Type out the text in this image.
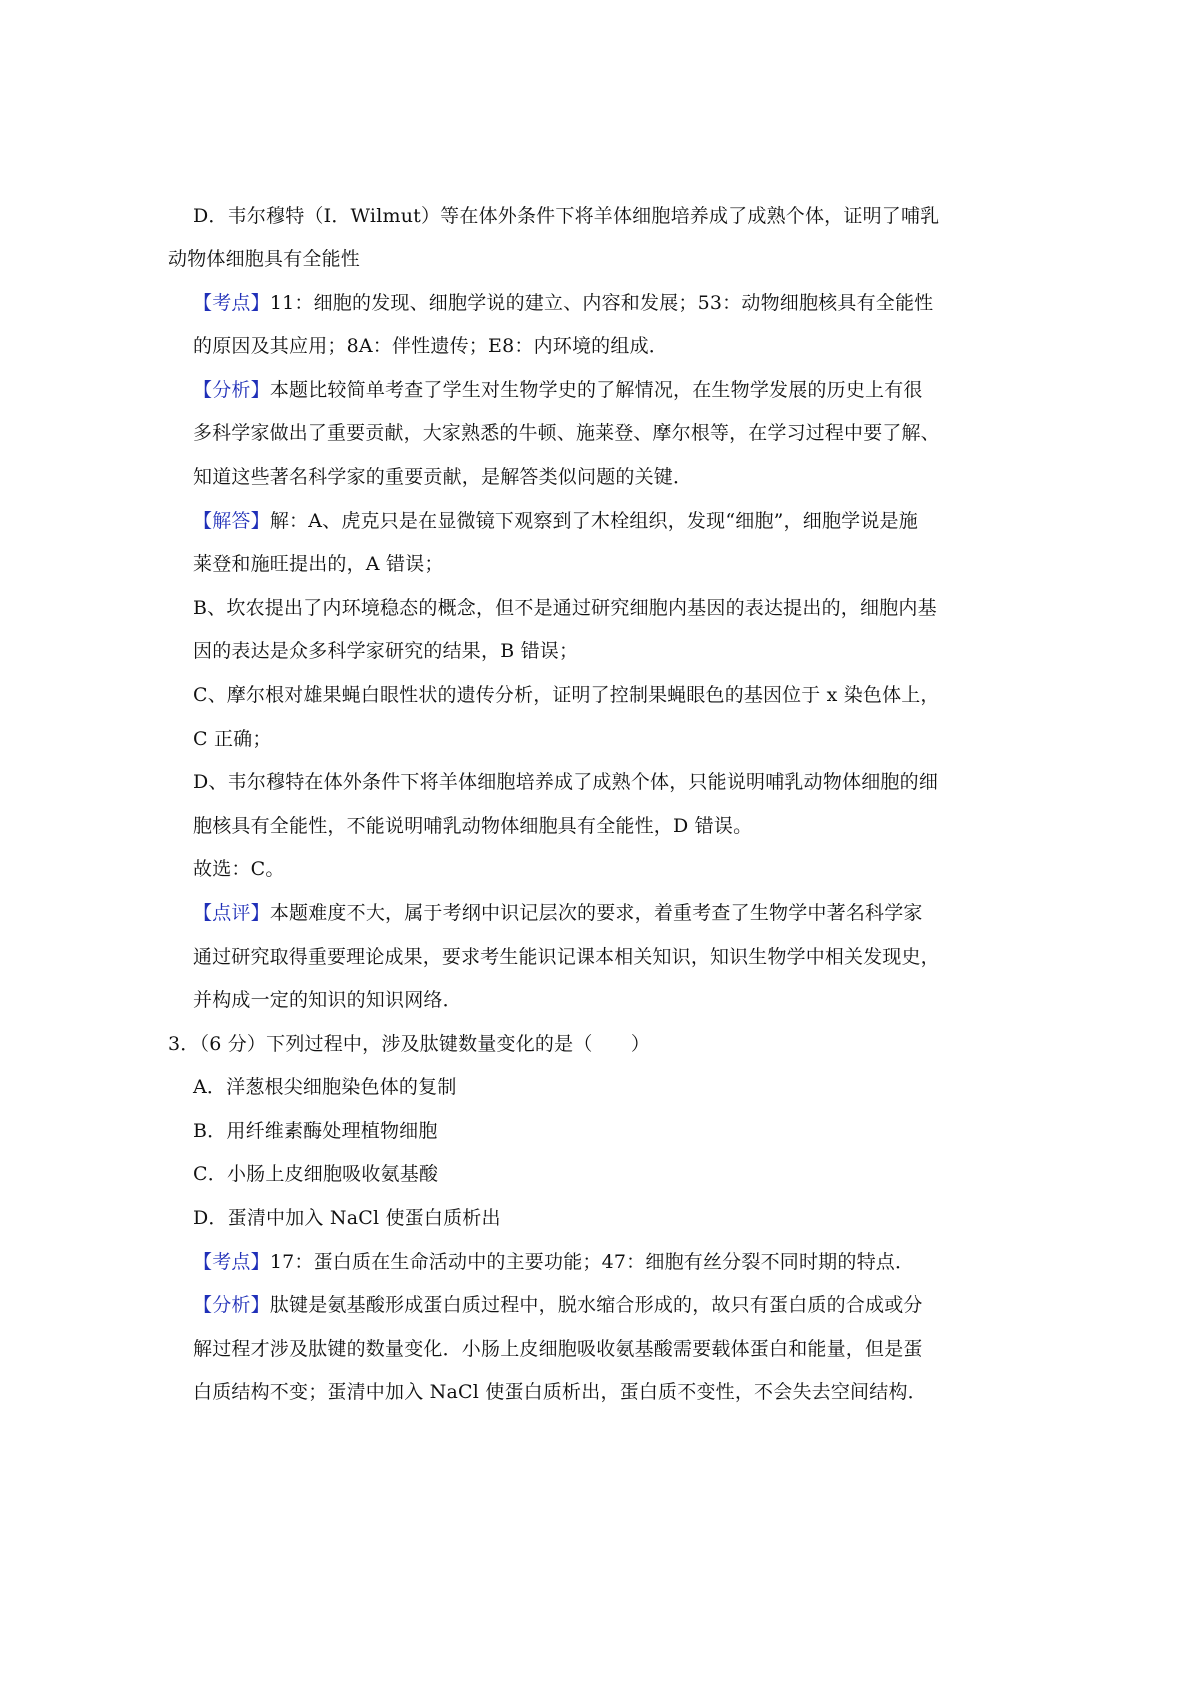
D．韦尔穆特（I．Wilmut）等在体外条件下将羊体细胞培养成了成熟个体，证明了哺乳
动物体细胞具有全能性
【考点】11：细胞的发现、细胞学说的建立、内容和发展；53：动物细胞核具有全能性
的原因及其应用；8A：伴性遗传；E8：内环境的组成．
【分析】本题比较简单考查了学生对生物学史的了解情况，在生物学发展的历史上有很
多科学家做出了重要贡献，大家熟悉的牛顿、施莱登、摩尔根等，在学习过程中要了解、
知道这些著名科学家的重要贡献，是解答类似问题的关键．
【解答】解：A、虎克只是在显微镜下观察到了木栓组织，发现“细胞”，细胞学说是施
莱登和施旺提出的，A 错误；
B、坎农提出了内环境稳态的概念，但不是通过研究细胞内基因的表达提出的，细胞内基
因的表达是众多科学家研究的结果，B 错误；
C、摩尔根对雄果蝇白眼性状的遗传分析，证明了控制果蝇眼色的基因位于 x 染色体上，
C 正确；
D、韦尔穆特在体外条件下将羊体细胞培养成了成熟个体，只能说明哺乳动物体细胞的细
胞核具有全能性，不能说明哺乳动物体细胞具有全能性，D 错误。
故选：C。
【点评】本题难度不大，属于考纲中识记层次的要求，着重考查了生物学中著名科学家
通过研究取得重要理论成果，要求考生能识记课本相关知识，知识生物学中相关发现史，
并构成一定的知识的知识网络．
3．（6 分）下列过程中，涉及肽键数量变化的是（　　）
A．洋葱根尖细胞染色体的复制
B．用纤维素酶处理植物细胞
C．小肠上皮细胞吸收氨基酸
D．蛋清中加入 NaCl 使蛋白质析出
【考点】17：蛋白质在生命活动中的主要功能；47：细胞有丝分裂不同时期的特点．
【分析】肽键是氨基酸形成蛋白质过程中，脱水缩合形成的，故只有蛋白质的合成或分
解过程才涉及肽键的数量变化．小肠上皮细胞吸收氨基酸需要载体蛋白和能量，但是蛋
白质结构不变；蛋清中加入 NaCl 使蛋白质析出，蛋白质不变性，不会失去空间结构．
